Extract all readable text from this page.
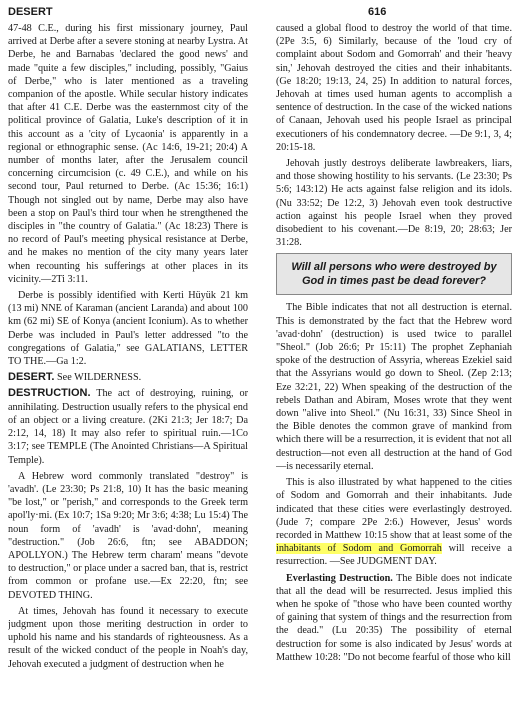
DESERT	616

47-48 C.E., during his first missionary journey, Paul arrived at Derbe after a severe stoning at nearby Lystra. At Derbe, he and Barnabas 'declared the good news' and made "quite a few disciples," including, possibly, "Gaius of Derbe," who is later mentioned as a traveling companion of the apostle. While secular history indicates that after 41 C.E. Derbe was the easternmost city of the political province of Galatia, Luke's description of it in this account as a 'city of Lycaonia' is apparently in a regional or ethnographic sense. (Ac 14:6, 19-21; 20:4) A number of months later, after the Jerusalem council concerning circumcision (c. 49 C.E.), and while on his second tour, Paul returned to Derbe. (Ac 15:36; 16:1) Though not singled out by name, Derbe may also have been a stop on Paul's third tour when he strengthened the disciples in "the country of Galatia." (Ac 18:23) There is no record of Paul's meeting physical resistance at Derbe, and he makes no mention of the city many years later when recounting his sufferings at other places in its vicinity.—2Ti 3:11.

Derbe is possibly identified with Kerti Hüyük 21 km (13 mi) NNE of Karaman (ancient Laranda) and about 100 km (62 mi) SE of Konya (ancient Iconium). As to whether Derbe was included in Paul's letter addressed "to the congregations of Galatia," see GALATIANS, LETTER TO THE.—Ga 1:2.

DESERT. See WILDERNESS.

DESTRUCTION. The act of destroying, ruining, or annihilating. Destruction usually refers to the physical end of an object or a living creature. (2Ki 21:3; Jer 18:7; Da 2:12, 14, 18) It may also refer to spiritual ruin.—1Co 3:17; see TEMPLE (The Anointed Christians—A Spiritual Temple).

A Hebrew word commonly translated "destroy" is 'avadh'. (Le 23:30; Ps 21:8, 10) It has the basic meaning "be lost," or "perish," and corresponds to the Greek term apol'ly·mi. (Ex 10:7; 1Sa 9:20; Mr 3:6; 4:38; Lu 15:4) The noun form of 'avadh' is 'avad·dohn', meaning "destruction." (Job 26:6, ftn; see ABADDON; APOLLYON.) The Hebrew term charam' means "devote to destruction," or place under a sacred ban, that is, restrict from common or profane use.—Ex 22:20, ftn; see DEVOTED THING.

At times, Jehovah has found it necessary to execute judgment upon those meriting destruction in order to uphold his name and his standards of righteousness. As a result of the wicked conduct of the people in Noah's day, Jehovah executed a judgment of destruction when he

caused a global flood to destroy the world of that time. (2Pe 3:5, 6) Similarly, because of the 'loud cry of complaint about Sodom and Gomorrah' and their 'heavy sin,' Jehovah destroyed the cities and their inhabitants. (Ge 18:20; 19:13, 24, 25) In addition to natural forces, Jehovah at times used human agents to accomplish a sentence of destruction. In the case of the wicked nations of Canaan, Jehovah used his people Israel as principal executioners of his condemnatory decree. —De 9:1, 3, 4; 20:15-18.

Jehovah justly destroys deliberate lawbreakers, liars, and those showing hostility to his servants. (Le 23:30; Ps 5:6; 143:12) He acts against false religion and its idols. (Nu 33:52; De 12:2, 3) Jehovah even took destructive action against his people Israel when they proved disobedient to his covenant.—De 8:19, 20; 28:63; Jer 31:28.

Will all persons who were destroyed by God in times past be dead forever?

The Bible indicates that not all destruction is eternal. This is demonstrated by the fact that the Hebrew word 'avad·dohn' (destruction) is used twice to parallel "Sheol." (Job 26:6; Pr 15:11) The prophet Zephaniah spoke of the destruction of Assyria, whereas Ezekiel said that the Assyrians would go down to Sheol. (Zep 2:13; Eze 32:21, 22) When speaking of the destruction of the rebels Dathan and Abiram, Moses wrote that they went down "alive into Sheol." (Nu 16:31, 33) Since Sheol in the Bible denotes the common grave of mankind from which there will be a resurrection, it is evident that not all destruction—not even all destruction at the hand of God—is necessarily eternal.

This is also illustrated by what happened to the cities of Sodom and Gomorrah and their inhabitants. Jude indicated that these cities were everlastingly destroyed. (Jude 7; compare 2Pe 2:6.) However, Jesus' words recorded in Matthew 10:15 show that at least some of the inhabitants of Sodom and Gomorrah will receive a resurrection. —See JUDGMENT DAY.

Everlasting Destruction. The Bible does not indicate that all the dead will be resurrected. Jesus implied this when he spoke of "those who have been counted worthy of gaining that system of things and the resurrection from the dead." (Lu 20:35) The possibility of eternal destruction for some is also indicated by Jesus' words at Matthew 10:28: "Do not become fearful of those who kill
